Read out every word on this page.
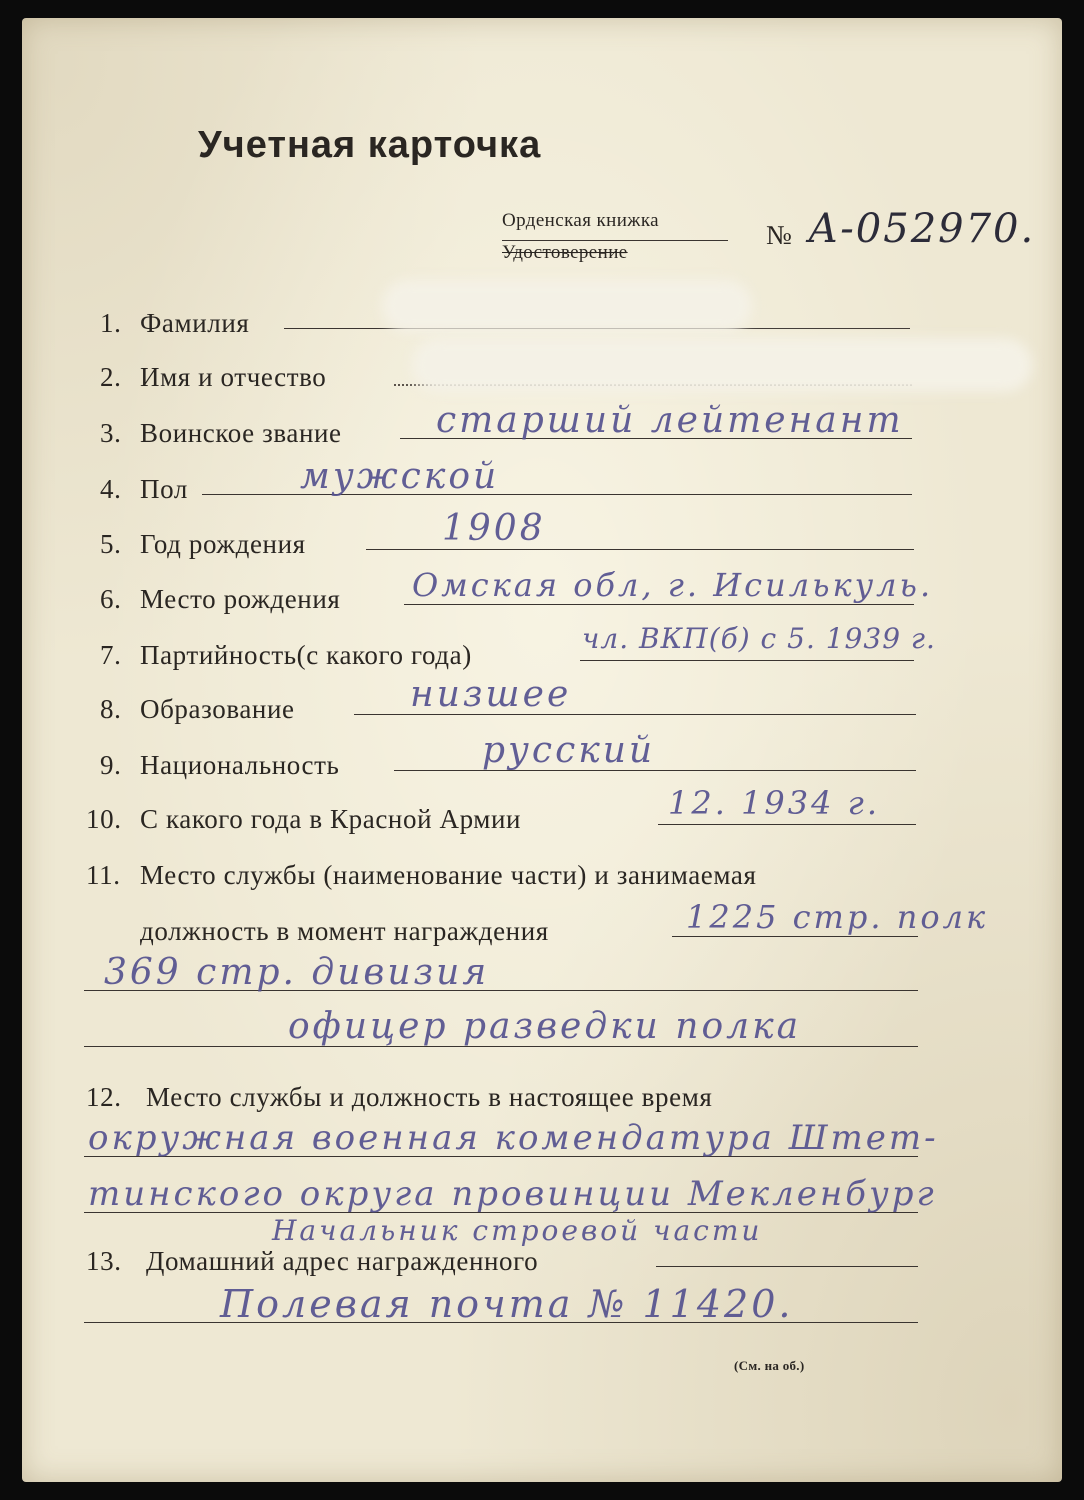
Учетная карточка
Орденская книжка
Удостоверение
№ А-052970.
1. Фамилия
2. Имя и отчество
3. Воинское звание	старший лейтенант
4. Пол	мужской
5. Год рождения	1908
6. Место рождения Омская обл, г. Исилькуль.
7. Партийность(с какого года)	чл. ВКП(б) с 5. 1939 г.
8. Образование	низшее
9. Национальность	русский
10. С какого года в Красной Армии	12. 1934 г.
11. Место службы (наименование части) и занимаемая
должность в момент награждения	1225 стр. полк
369 стр. дивизия
офицер разведки полка
12. Место службы и должность в настоящее время
окружная военная комендатура Штет-
тинского округа провинции Мекленбург
Начальник строевой части
13. Домашний адрес награжденного
Полевая почта № 11420.
(См. на об.)
